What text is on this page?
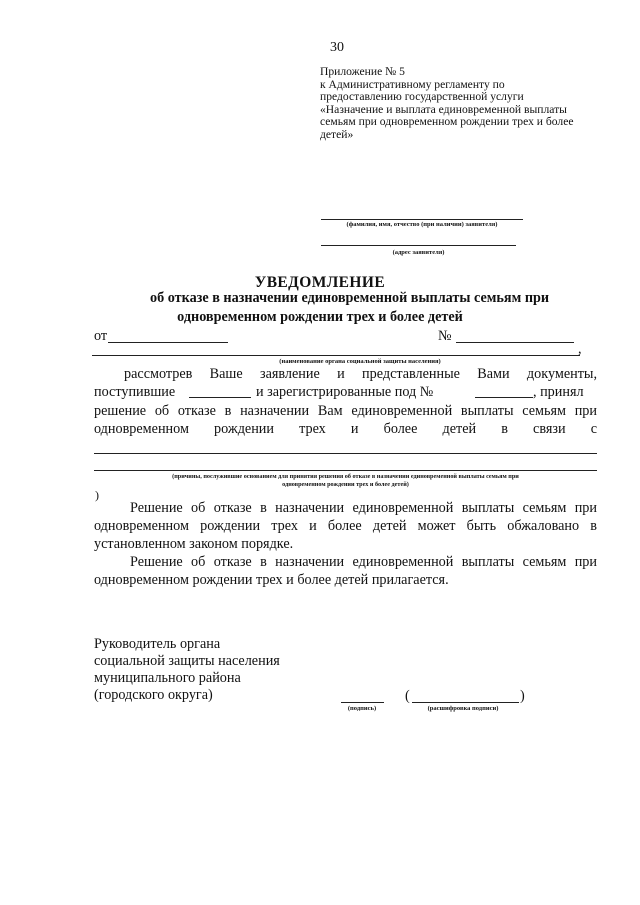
30
Приложение № 5
к Административному регламенту по
предоставлению государственной услуги
«Назначение и выплата единовременной выплаты
семьям при одновременном рождении трех и более
детей»
(фамилия, имя, отчество (при наличии) заявителя)
(адрес заявителя)
УВЕДОМЛЕНИЕ
об отказе в назначении единовременной выплаты семьям при
одновременном рождении трех и более детей
от	№
,
(наименование органа социальной защиты населения)
рассмотрев Ваше заявление и представленные Вами документы,
поступившие	и зарегистрированные под №	, принял
решение об отказе в назначении Вам единовременной выплаты семьям при
одновременном рождении трех и более детей в связи с
(причины, послужившие основанием для принятия решения об отказе в назначении единовременной выплаты семьям при
одновременном рождении трех и более детей)
)
Решение об отказе в назначении единовременной выплаты семьям при
одновременном рождении трех и более детей может быть обжаловано в
установленном законом порядке.
Решение об отказе в назначении единовременной выплаты семьям при
одновременном рождении трех и более детей прилагается.
Руководитель органа
социальной защиты населения
муниципального района
(городского округа)
(подпись)
(	)
(расшифровка подписи)
